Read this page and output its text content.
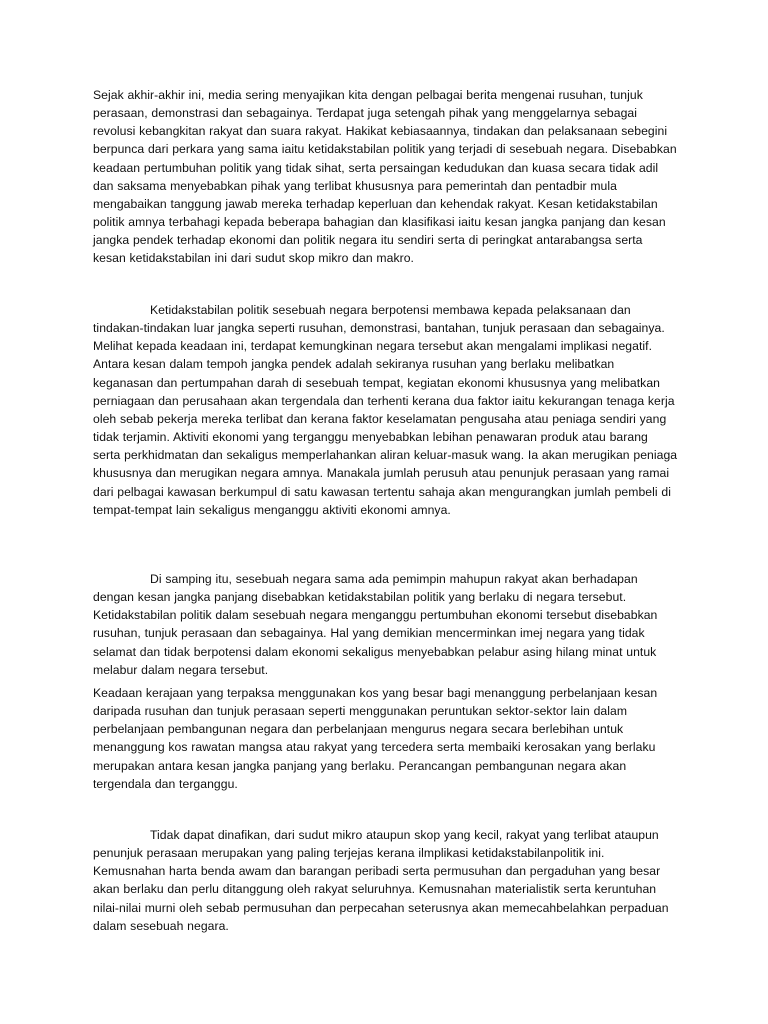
Sejak akhir-akhir ini, media sering menyajikan kita dengan pelbagai berita mengenai rusuhan, tunjuk perasaan, demonstrasi dan sebagainya. Terdapat juga setengah pihak yang menggelarnya sebagai revolusi kebangkitan rakyat dan suara rakyat. Hakikat kebiasaannya, tindakan dan pelaksanaan sebegini berpunca dari perkara yang sama iaitu ketidakstabilan politik yang terjadi di sesebuah negara. Disebabkan keadaan pertumbuhan politik yang tidak sihat, serta persaingan kedudukan dan kuasa secara tidak adil dan saksama menyebabkan pihak yang terlibat khususnya para pemerintah dan pentadbir mula mengabaikan tanggung jawab mereka terhadap keperluan dan kehendak rakyat. Kesan ketidakstabilan politik amnya terbahagi kepada beberapa bahagian dan klasifikasi iaitu kesan jangka panjang dan kesan jangka pendek terhadap ekonomi dan politik negara itu sendiri serta di peringkat antarabangsa serta kesan ketidakstabilan ini dari sudut skop mikro dan makro.

Ketidakstabilan politik sesebuah negara berpotensi membawa kepada pelaksanaan dan tindakan-tindakan luar jangka seperti rusuhan, demonstrasi, bantahan, tunjuk perasaan dan sebagainya. Melihat kepada keadaan ini, terdapat kemungkinan negara tersebut akan mengalami implikasi negatif. Antara kesan dalam tempoh jangka pendek adalah sekiranya rusuhan yang berlaku melibatkan keganasan dan pertumpahan darah di sesebuah tempat, kegiatan ekonomi khususnya yang melibatkan perniagaan dan perusahaan akan tergendala dan terhenti kerana dua faktor iaitu kekurangan tenaga kerja oleh sebab pekerja mereka terlibat dan kerana faktor keselamatan pengusaha atau peniaga sendiri yang tidak terjamin. Aktiviti ekonomi yang terganggu menyebabkan lebihan penawaran produk atau barang serta perkhidmatan dan sekaligus memperlahankan aliran keluar-masuk wang. Ia akan merugikan peniaga khususnya dan merugikan negara amnya. Manakala jumlah perusuh atau penunjuk perasaan yang ramai dari pelbagai kawasan berkumpul di satu kawasan tertentu sahaja akan mengurangkan jumlah pembeli di tempat-tempat lain sekaligus menganggu aktiviti ekonomi amnya.

Di samping itu, sesebuah negara sama ada pemimpin mahupun rakyat akan berhadapan dengan kesan jangka panjang disebabkan ketidakstabilan politik yang berlaku di negara tersebut. Ketidakstabilan politik dalam sesebuah negara menganggu pertumbuhan ekonomi tersebut disebabkan rusuhan, tunjuk perasaan dan sebagainya. Hal yang demikian mencerminkan imej negara yang tidak selamat dan tidak berpotensi dalam ekonomi sekaligus menyebabkan pelabur asing hilang minat untuk melabur dalam negara tersebut.

Keadaan kerajaan yang terpaksa menggunakan kos yang besar bagi menanggung perbelanjaan kesan daripada rusuhan dan tunjuk perasaan seperti menggunakan peruntukan sektor-sektor lain dalam perbelanjaan pembangunan negara dan perbelanjaan mengurus negara secara berlebihan untuk menanggung kos rawatan mangsa atau rakyat yang tercedera serta membaiki kerosakan yang berlaku merupakan antara kesan jangka panjang yang berlaku. Perancangan pembangunan negara akan tergendala dan terganggu.

Tidak dapat dinafikan, dari sudut mikro ataupun skop yang kecil, rakyat yang terlibat ataupun penunjuk perasaan merupakan yang paling terjejas kerana ilmplikasi ketidakstabilanpolitik ini. Kemusnahan harta benda awam dan barangan peribadi serta permusuhan dan pergaduhan yang besar akan berlaku dan perlu ditanggung oleh rakyat seluruhnya. Kemusnahan materialistik serta keruntuhan nilai-nilai murni oleh sebab permusuhan dan perpecahan seterusnya akan memecahbelahkan perpaduan dalam sesebuah negara.
